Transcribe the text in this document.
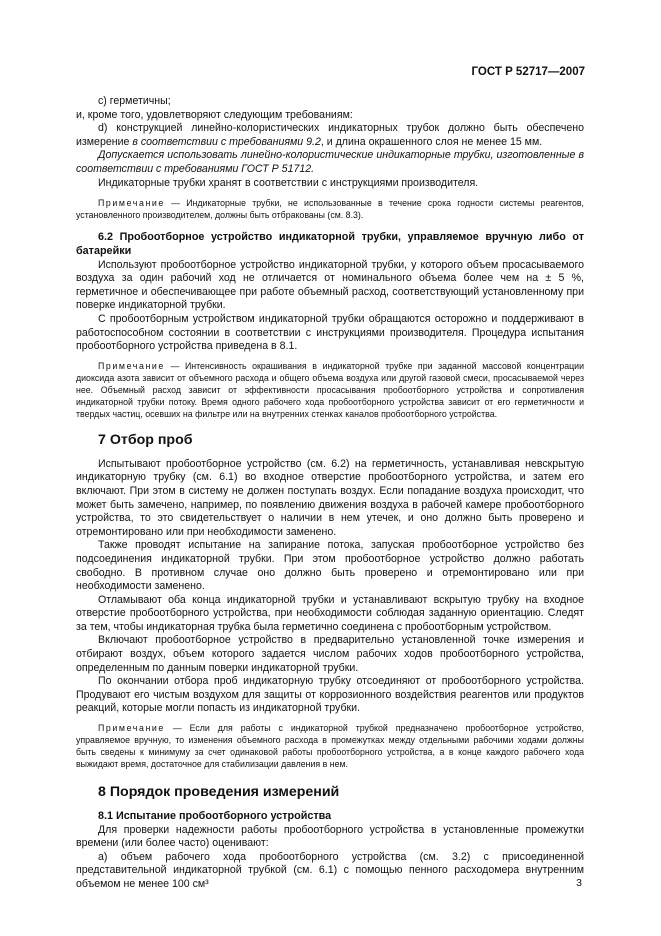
ГОСТ Р 52717—2007

c) герметичны;

и, кроме того, удовлетворяют следующим требованиям:

d) конструкцией линейно-колористических индикаторных трубок должно быть обеспечено измерение в соответствии с требованиями 9.2, и длина окрашенного слоя не менее 15 мм.

Допускается использовать линейно-колористические индикаторные трубки, изготовленные в соответствии с требованиями ГОСТ Р 51712.

Индикаторные трубки хранят в соответствии с инструкциями производителя.

Примечание — Индикаторные трубки, не использованные в течение срока годности системы реагентов, установленного производителем, должны быть отбракованы (см. 8.3).

6.2 Пробоотборное устройство индикаторной трубки, управляемое вручную либо от батарейки

Используют пробоотборное устройство индикаторной трубки, у которого объем просасываемого воздуха за один рабочий ход не отличается от номинального объема более чем на ± 5 %, герметичное и обеспечивающее при работе объемный расход, соответствующий установленному при поверке индикаторной трубки.

С пробоотборным устройством индикаторной трубки обращаются осторожно и поддерживают в работоспособном состоянии в соответствии с инструкциями производителя. Процедура испытания пробоотборного устройства приведена в 8.1.

Примечание — Интенсивность окрашивания в индикаторной трубке при заданной массовой концентрации диоксида азота зависит от объемного расхода и общего объема воздуха или другой газовой смеси, просасываемой через нее. Объемный расход зависит от эффективности просасывания пробоотборного устройства и сопротивления индикаторной трубки потоку. Время одного рабочего хода пробоотборного устройства зависит от его герметичности и твердых частиц, осевших на фильтре или на внутренних стенках каналов пробоотборного устройства.

7 Отбор проб

Испытывают пробоотборное устройство (см. 6.2) на герметичность, устанавливая невскрытую индикаторную трубку (см. 6.1) во входное отверстие пробоотборного устройства, и затем его включают. При этом в систему не должен поступать воздух. Если попадание воздуха происходит, что может быть замечено, например, по появлению движения воздуха в рабочей камере пробоотборного устройства, то это свидетельствует о наличии в нем утечек, и оно должно быть проверено и отремонтировано или при необходимости заменено.

Также проводят испытание на запирание потока, запуская пробоотборное устройство без подсоединения индикаторной трубки. При этом пробоотборное устройство должно работать свободно. В противном случае оно должно быть проверено и отремонтировано или при необходимости заменено.

Отламывают оба конца индикаторной трубки и устанавливают вскрытую трубку на входное отверстие пробоотборного устройства, при необходимости соблюдая заданную ориентацию. Следят за тем, чтобы индикаторная трубка была герметично соединена с пробоотборным устройством.

Включают пробоотборное устройство в предварительно установленной точке измерения и отбирают воздух, объем которого задается числом рабочих ходов пробоотборного устройства, определенным по данным поверки индикаторной трубки.

По окончании отбора проб индикаторную трубку отсоединяют от пробоотборного устройства. Продувают его чистым воздухом для защиты от коррозионного воздействия реагентов или продуктов реакций, которые могли попасть из индикаторной трубки.

Примечание — Если для работы с индикаторной трубкой предназначено пробоотборное устройство, управляемое вручную, то изменения объемного расхода в промежутках между отдельными рабочими ходами должны быть сведены к минимуму за счет одинаковой работы пробоотборного устройства, а в конце каждого рабочего хода выжидают время, достаточное для стабилизации давления в нем.

8 Порядок проведения измерений

8.1 Испытание пробоотборного устройства

Для проверки надежности работы пробоотборного устройства в установленные промежутки времени (или более часто) оценивают:

а) объем рабочего хода пробоотборного устройства (см. 3.2) с присоединенной представительной индикаторной трубкой (см. 6.1) с помощью пенного расходомера внутренним объемом не менее 100 см³	3
